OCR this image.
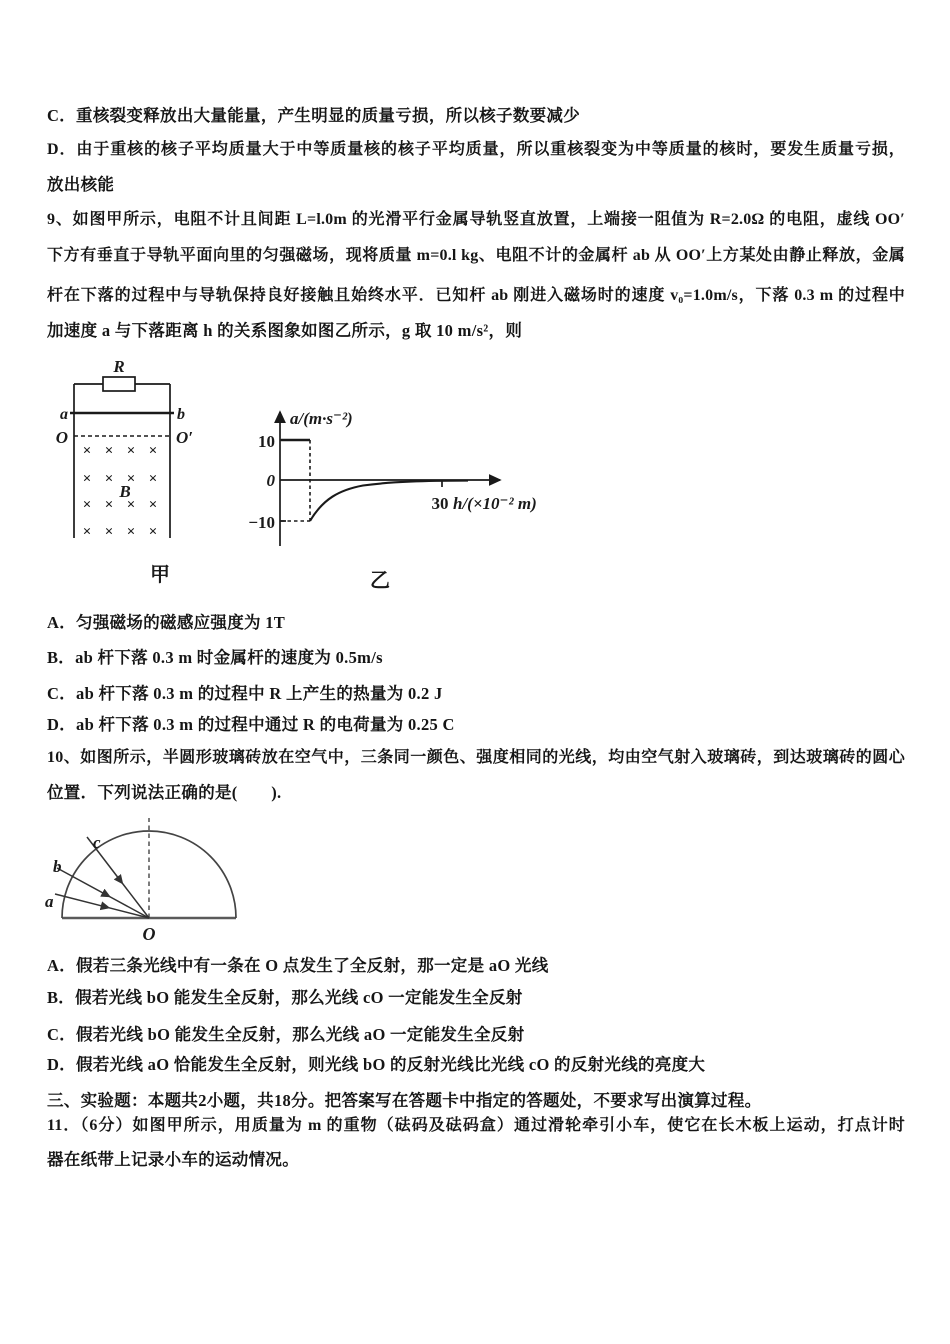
C．重核裂变释放出大量能量，产生明显的质量亏损，所以核子数要减少
D．由于重核的核子平均质量大于中等质量核的核子平均质量，所以重核裂变为中等质量的核时，要发生质量亏损，
放出核能
9、如图甲所示，电阻不计且间距 L=l.0m 的光滑平行金属导轨竖直放置，上端接一阻值为 R=2.0Ω 的电阻，虚线 OO′
下方有垂直于导轨平面向里的匀强磁场，现将质量 m=0.l kg、电阻不计的金属杆 ab 从 OO′上方某处由静止释放，金属
杆在下落的过程中与导轨保持良好接触且始终水平．已知杆 ab 刚进入磁场时的速度 v₀=1.0m/s，下落 0.3 m 的过程中
加速度 a 与下落距离 h 的关系图象如图乙所示，g 取 10 m/s²，则
R
a	b
O	O′
× × × ×
× × × ×
× × × ×
× × × ×
B
甲
a/(m·s⁻²)
10
0
−10
30 h/(×10⁻² m)
乙
A．匀强磁场的磁感应强度为 1T
B．ab 杆下落 0.3 m 时金属杆的速度为 0.5m/s
C．ab 杆下落 0.3 m 的过程中 R 上产生的热量为 0.2 J
D．ab 杆下落 0.3 m 的过程中通过 R 的电荷量为 0.25 C
10、如图所示，半圆形玻璃砖放在空气中，三条同一颜色、强度相同的光线，均由空气射入玻璃砖，到达玻璃砖的圆心
位置．下列说法正确的是(　　).
c
b
a
O
A．假若三条光线中有一条在 O 点发生了全反射，那一定是 aO 光线
B．假若光线 bO 能发生全反射，那么光线 cO 一定能发生全反射
C．假若光线 bO 能发生全反射，那么光线 aO 一定能发生全反射
D．假若光线 aO 恰能发生全反射，则光线 bO 的反射光线比光线 cO 的反射光线的亮度大
三、实验题：本题共2小题，共18分。把答案写在答题卡中指定的答题处，不要求写出演算过程。
11．（6分）如图甲所示，用质量为 m 的重物（砝码及砝码盒）通过滑轮牵引小车，使它在长木板上运动，打点计时
器在纸带上记录小车的运动情况。
